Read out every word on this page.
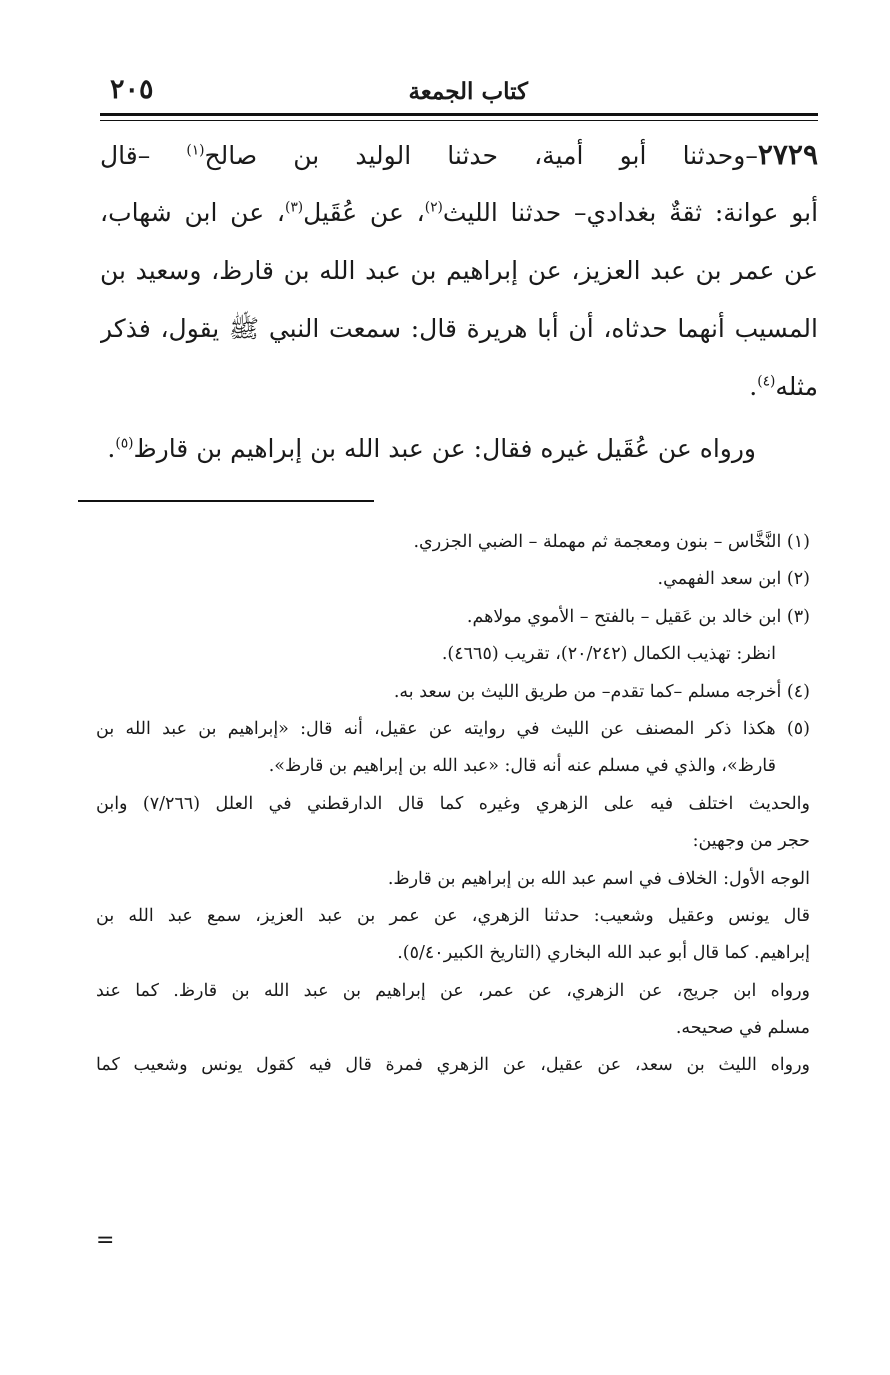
كتاب الجمعة
٢٠٥
٢٧٢٩–وحدثنا أبو أمية، حدثنا الوليد بن صالح$^{(١)}$ –قال
أبو عوانة: ثقةٌ بغدادي– حدثنا الليث$^{(٢)}$، عن عُقَيل$^{(٣)}$، عن ابن شهاب،
عن عمر بن عبد العزيز، عن إبراهيم بن عبد الله بن قارظ، وسعيد بن
المسيب أنهما حدثاه، أن أبا هريرة قال: سمعت النبي ﷺ يقول، فذكر
مثله$^{(٤)}$.
ورواه عن عُقَيل غيره فقال: عن عبد الله بن إبراهيم بن قارظ$^{(٥)}$.
(١) النَّخَّاس – بنون ومعجمة ثم مهملة – الضبي الجزري.
(٢) ابن سعد الفهمي.
(٣) ابن خالد بن عَقيل – بالفتح – الأموي مولاهم.
انظر: تهذيب الكمال (٢٠/٢٤٢)، تقريب (٤٦٦٥).
(٤) أخرجه مسلم –كما تقدم– من طريق الليث بن سعد به.
(٥) هكذا ذكر المصنف عن الليث في روايته عن عقيل، أنه قال: «إبراهيم بن عبد الله بن
قارظ»، والذي في مسلم عنه أنه قال: «عبد الله بن إبراهيم بن قارظ».
والحديث اختلف فيه على الزهري وغيره كما قال الدارقطني في العلل (٧/٢٦٦) وابن
حجر من وجهين:
الوجه الأول: الخلاف في اسم عبد الله بن إبراهيم بن قارظ.
قال يونس وعقيل وشعيب: حدثنا الزهري، عن عمر بن عبد العزيز، سمع عبد الله بن
إبراهيم. كما قال أبو عبد الله البخاري (التاريخ الكبير٥/٤٠).
ورواه ابن جريج، عن الزهري، عن عمر، عن إبراهيم بن عبد الله بن قارظ. كما عند
مسلم في صحيحه.
ورواه الليث بن سعد، عن عقيل، عن الزهري فمرة قال فيه كقول يونس وشعيب كما
=
